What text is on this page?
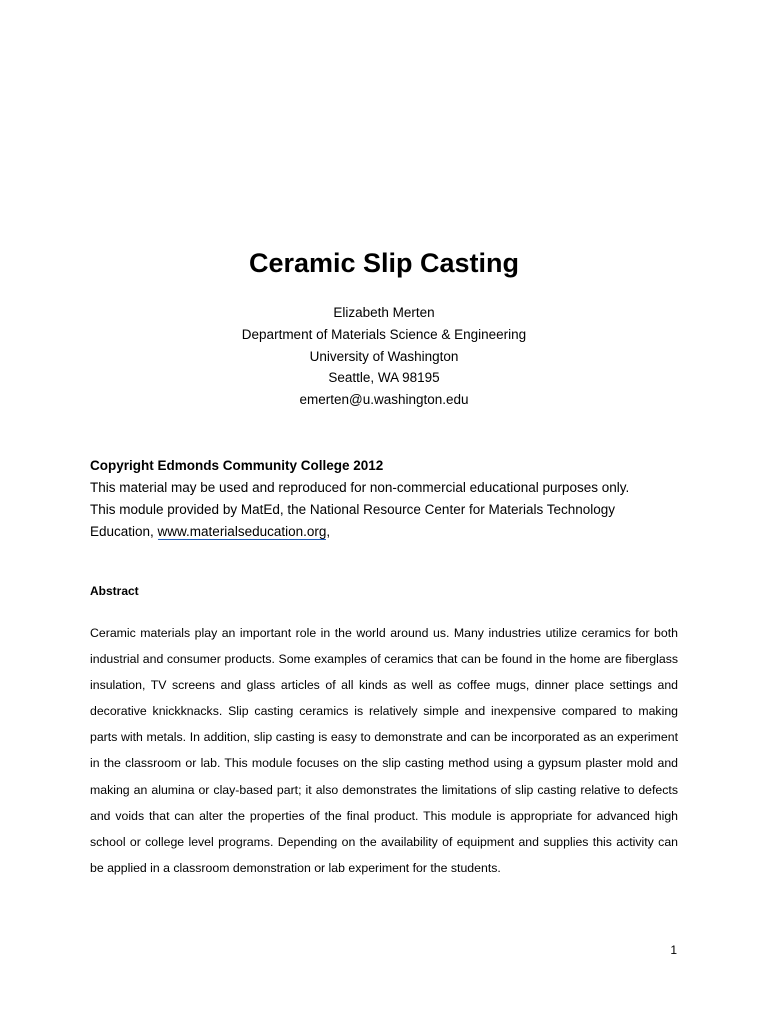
Ceramic Slip Casting
Elizabeth Merten
Department of Materials Science & Engineering
University of Washington
Seattle, WA 98195
emerten@u.washington.edu
Copyright Edmonds Community College 2012
This material may be used and reproduced for non-commercial educational purposes only.
This module provided by MatEd, the National Resource Center for Materials Technology
Education, www.materialseducation.org,
Abstract
Ceramic materials play an important role in the world around us. Many industries utilize ceramics for both industrial and consumer products. Some examples of ceramics that can be found in the home are fiberglass insulation, TV screens and glass articles of all kinds as well as coffee mugs, dinner place settings and decorative knickknacks. Slip casting ceramics is relatively simple and inexpensive compared to making parts with metals. In addition, slip casting is easy to demonstrate and can be incorporated as an experiment in the classroom or lab. This module focuses on the slip casting method using a gypsum plaster mold and making an alumina or clay-based part; it also demonstrates the limitations of slip casting relative to defects and voids that can alter the properties of the final product. This module is appropriate for advanced high school or college level programs. Depending on the availability of equipment and supplies this activity can be applied in a classroom demonstration or lab experiment for the students.
1
